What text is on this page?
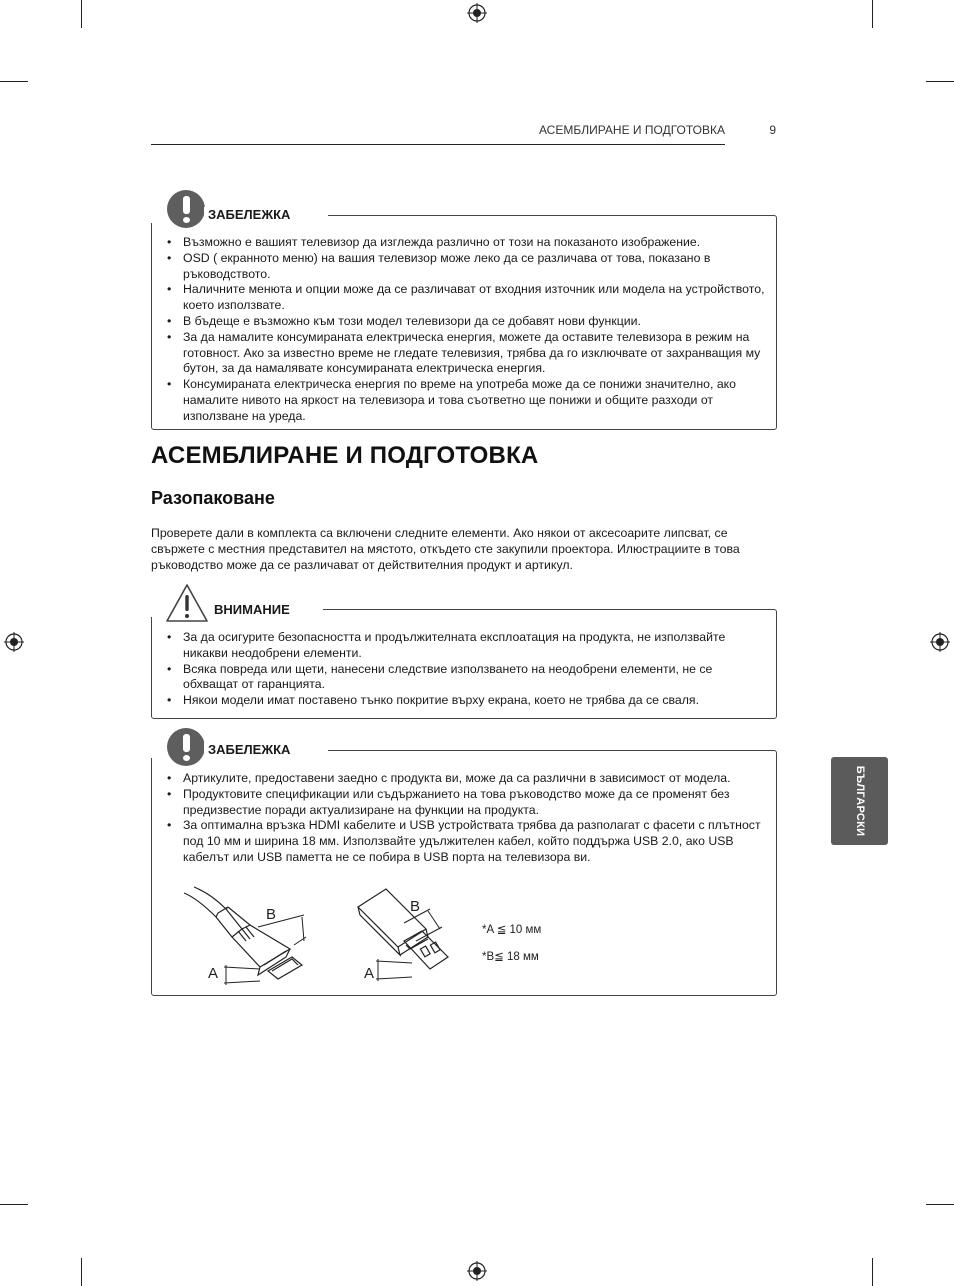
АСЕМБЛИРАНЕ И ПОДГОТОВКА	9
ЗАБЕЛЕЖКА
• Възможно е вашият телевизор да изглежда различно от този на показаното изображение.
• OSD ( екранното меню) на вашия телевизор може леко да се различава от това, показано в ръководството.
• Наличните менюта и опции може да се различават от входния източник или модела на устройството, което използвате.
• В бъдеще е възможно към този модел телевизори да се добавят нови функции.
• За да намалите консумираната електрическа енергия, можете да оставите телевизора в режим на готовност. Ако за известно време не гледате телевизия, трябва да го изключвате от захранващия му бутон, за да намалявате консумираната електрическа енергия.
• Консумираната електрическа енергия по време на употреба може да се понижи значително, ако намалите нивото на яркост на телевизора и това съответно ще понижи и общите разходи от използване на уреда.
АСЕМБЛИРАНЕ И ПОДГОТОВКА
Разопаковане
Проверете дали в комплекта са включени следните елементи. Ако някои от аксесоарите липсват, се свържете с местния представител на мястото, откъдето сте закупили проектора. Илюстрациите в това ръководство може да се различават от действителния продукт и артикул.
ВНИМАНИЕ
• За да осигурите безопасността и продължителната експлоатация на продукта, не използвайте никакви неодобрени елементи.
• Всяка повреда или щети, нанесени следствие използването на неодобрени елементи, не се обхващат от гаранцията.
• Някои модели имат поставено тънко покритие върху екрана, което не трябва да се сваля.
ЗАБЕЛЕЖКА
• Артикулите, предоставени заедно с продукта ви, може да са различни в зависимост от модела.
• Продуктовите спецификации или съдържанието на това ръководство може да се променят без предизвестие поради актуализиране на функции на продукта.
• За оптимална връзка HDMI кабелите и USB устройствата трябва да разполагат с фасети с плътност под 10 мм и ширина 18 мм. Използвайте удължителен кабел, който поддържа USB 2.0, ако USB кабелът или USB паметта не се побира в USB порта на телевизора ви.
B
A
B
A
*A ≦ 10 мм
*B≦ 18 мм
БЪЛГАРСКИ
